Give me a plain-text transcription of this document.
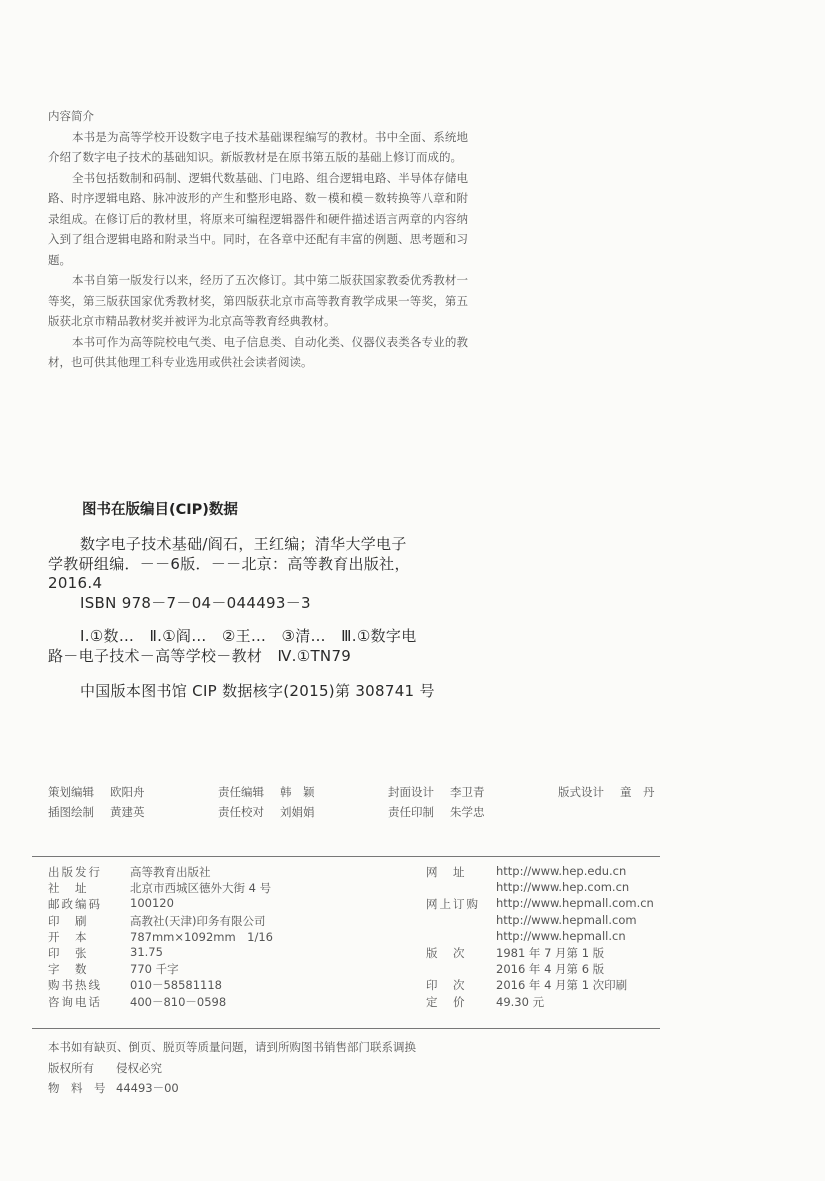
内容简介

本书是为高等学校开设数字电子技术基础课程编写的教材。书中全面、系统地介绍了数字电子技术的基础知识。新版教材是在原书第五版的基础上修订而成的。

全书包括数制和码制、逻辑代数基础、门电路、组合逻辑电路、半导体存储电路、时序逻辑电路、脉冲波形的产生和整形电路、数－模和模－数转换等八章和附录组成。在修订后的教材里，将原来可编程逻辑器件和硬件描述语言两章的内容纳入到了组合逻辑电路和附录当中。同时，在各章中还配有丰富的例题、思考题和习题。

本书自第一版发行以来，经历了五次修订。其中第二版获国家教委优秀教材一等奖，第三版获国家优秀教材奖，第四版获北京市高等教育教学成果一等奖，第五版获北京市精品教材奖并被评为北京高等教育经典教材。

本书可作为高等院校电气类、电子信息类、自动化类、仪器仪表类各专业的教材，也可供其他理工科专业选用或供社会读者阅读。

图书在版编目(CIP)数据
数字电子技术基础/阎石，王红编；清华大学电子
学教研组编．－－6版．－－北京：高等教育出版社，
2016.4
ISBN 978－7－04－044493－3
Ⅰ.①数…　Ⅱ.①阎…　②王…　③清…　Ⅲ.①数字电
路－电子技术－高等学校－教材　Ⅳ.①TN79
中国版本图书馆 CIP 数据核字(2015)第 308741 号
策划编辑 欧阳舟	责任编辑 韩　颖	封面设计 李卫青	版式设计 童　丹
插图绘制 黄建英	责任校对 刘娟娟	责任印制 朱学忠
出版发行 高等教育出版社	网　址	http://www.hep.edu.cn
社　址	北京市西城区德外大街 4 号	http://www.hep.com.cn
邮政编码 100120	网上订购 http://www.hepmall.com.cn
印　刷	高教社(天津)印务有限公司	http://www.hepmall.com
开　本	787mm×1092mm　1/16	http://www.hepmall.cn
印　张	31.75	版　次	1981 年 7 月第 1 版
字　数	770 千字	2016 年 4 月第 6 版
购书热线 010－58581118	印　次	2016 年 4 月第 1 次印刷
咨询电话 400－810－0598	定　价	49.30 元
本书如有缺页、倒页、脱页等质量问题，请到所购图书销售部门联系调换
版权所有 侵权必究
物　料　号 44493－00
